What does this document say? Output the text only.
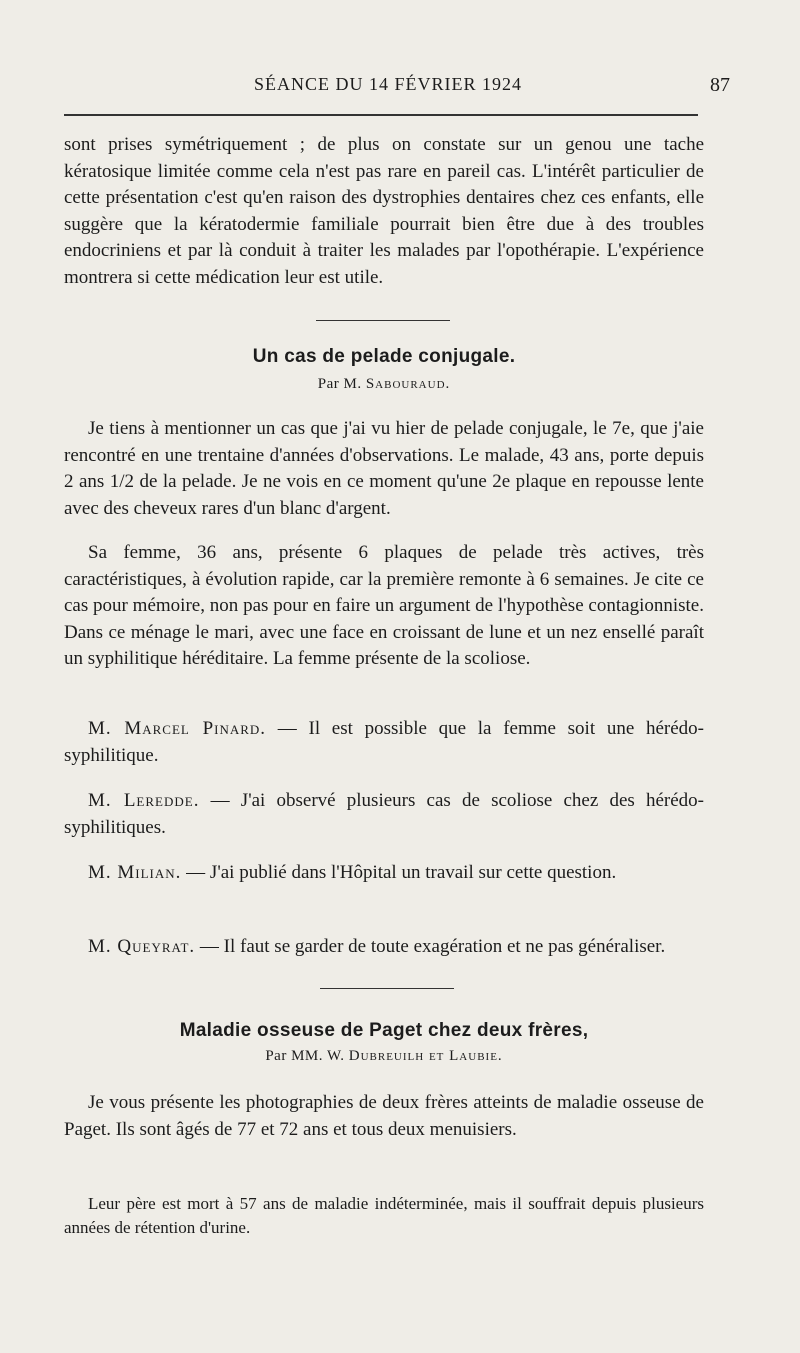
SÉANCE DU 14 FÉVRIER 1924	87

sont prises symétriquement ; de plus on constate sur un genou une tache kératosique limitée comme cela n'est pas rare en pareil cas. L'intérêt particulier de cette présentation c'est qu'en raison des dystrophies dentaires chez ces enfants, elle suggère que la kératodermie familiale pourrait bien être due à des troubles endocriniens et par là conduit à traiter les malades par l'opothérapie. L'expérience montrera si cette médication leur est utile.

Un cas de pelade conjugale.
Par M. Sabouraud.

Je tiens à mentionner un cas que j'ai vu hier de pelade conjugale, le 7e, que j'aie rencontré en une trentaine d'années d'observations. Le malade, 43 ans, porte depuis 2 ans 1/2 de la pelade. Je ne vois en ce moment qu'une 2e plaque en repousse lente avec des cheveux rares d'un blanc d'argent.

Sa femme, 36 ans, présente 6 plaques de pelade très actives, très caractéristiques, à évolution rapide, car la première remonte à 6 semaines. Je cite ce cas pour mémoire, non pas pour en faire un argument de l'hypothèse contagionniste. Dans ce ménage le mari, avec une face en croissant de lune et un nez ensellé paraît un syphilitique héréditaire. La femme présente de la scoliose.

M. Marcel Pinard. — Il est possible que la femme soit une hérédo-syphilitique.

M. Leredde. — J'ai observé plusieurs cas de scoliose chez des hérédo-syphilitiques.

M. Milian. — J'ai publié dans l'Hôpital un travail sur cette question.

M. Queyrat. — Il faut se garder de toute exagération et ne pas généraliser.

Maladie osseuse de Paget chez deux frères,
Par MM. W. Dubreuilh et Laubie.

Je vous présente les photographies de deux frères atteints de maladie osseuse de Paget. Ils sont âgés de 77 et 72 ans et tous deux menuisiers.

Leur père est mort à 57 ans de maladie indéterminée, mais il souffrait depuis plusieurs années de rétention d'urine.
